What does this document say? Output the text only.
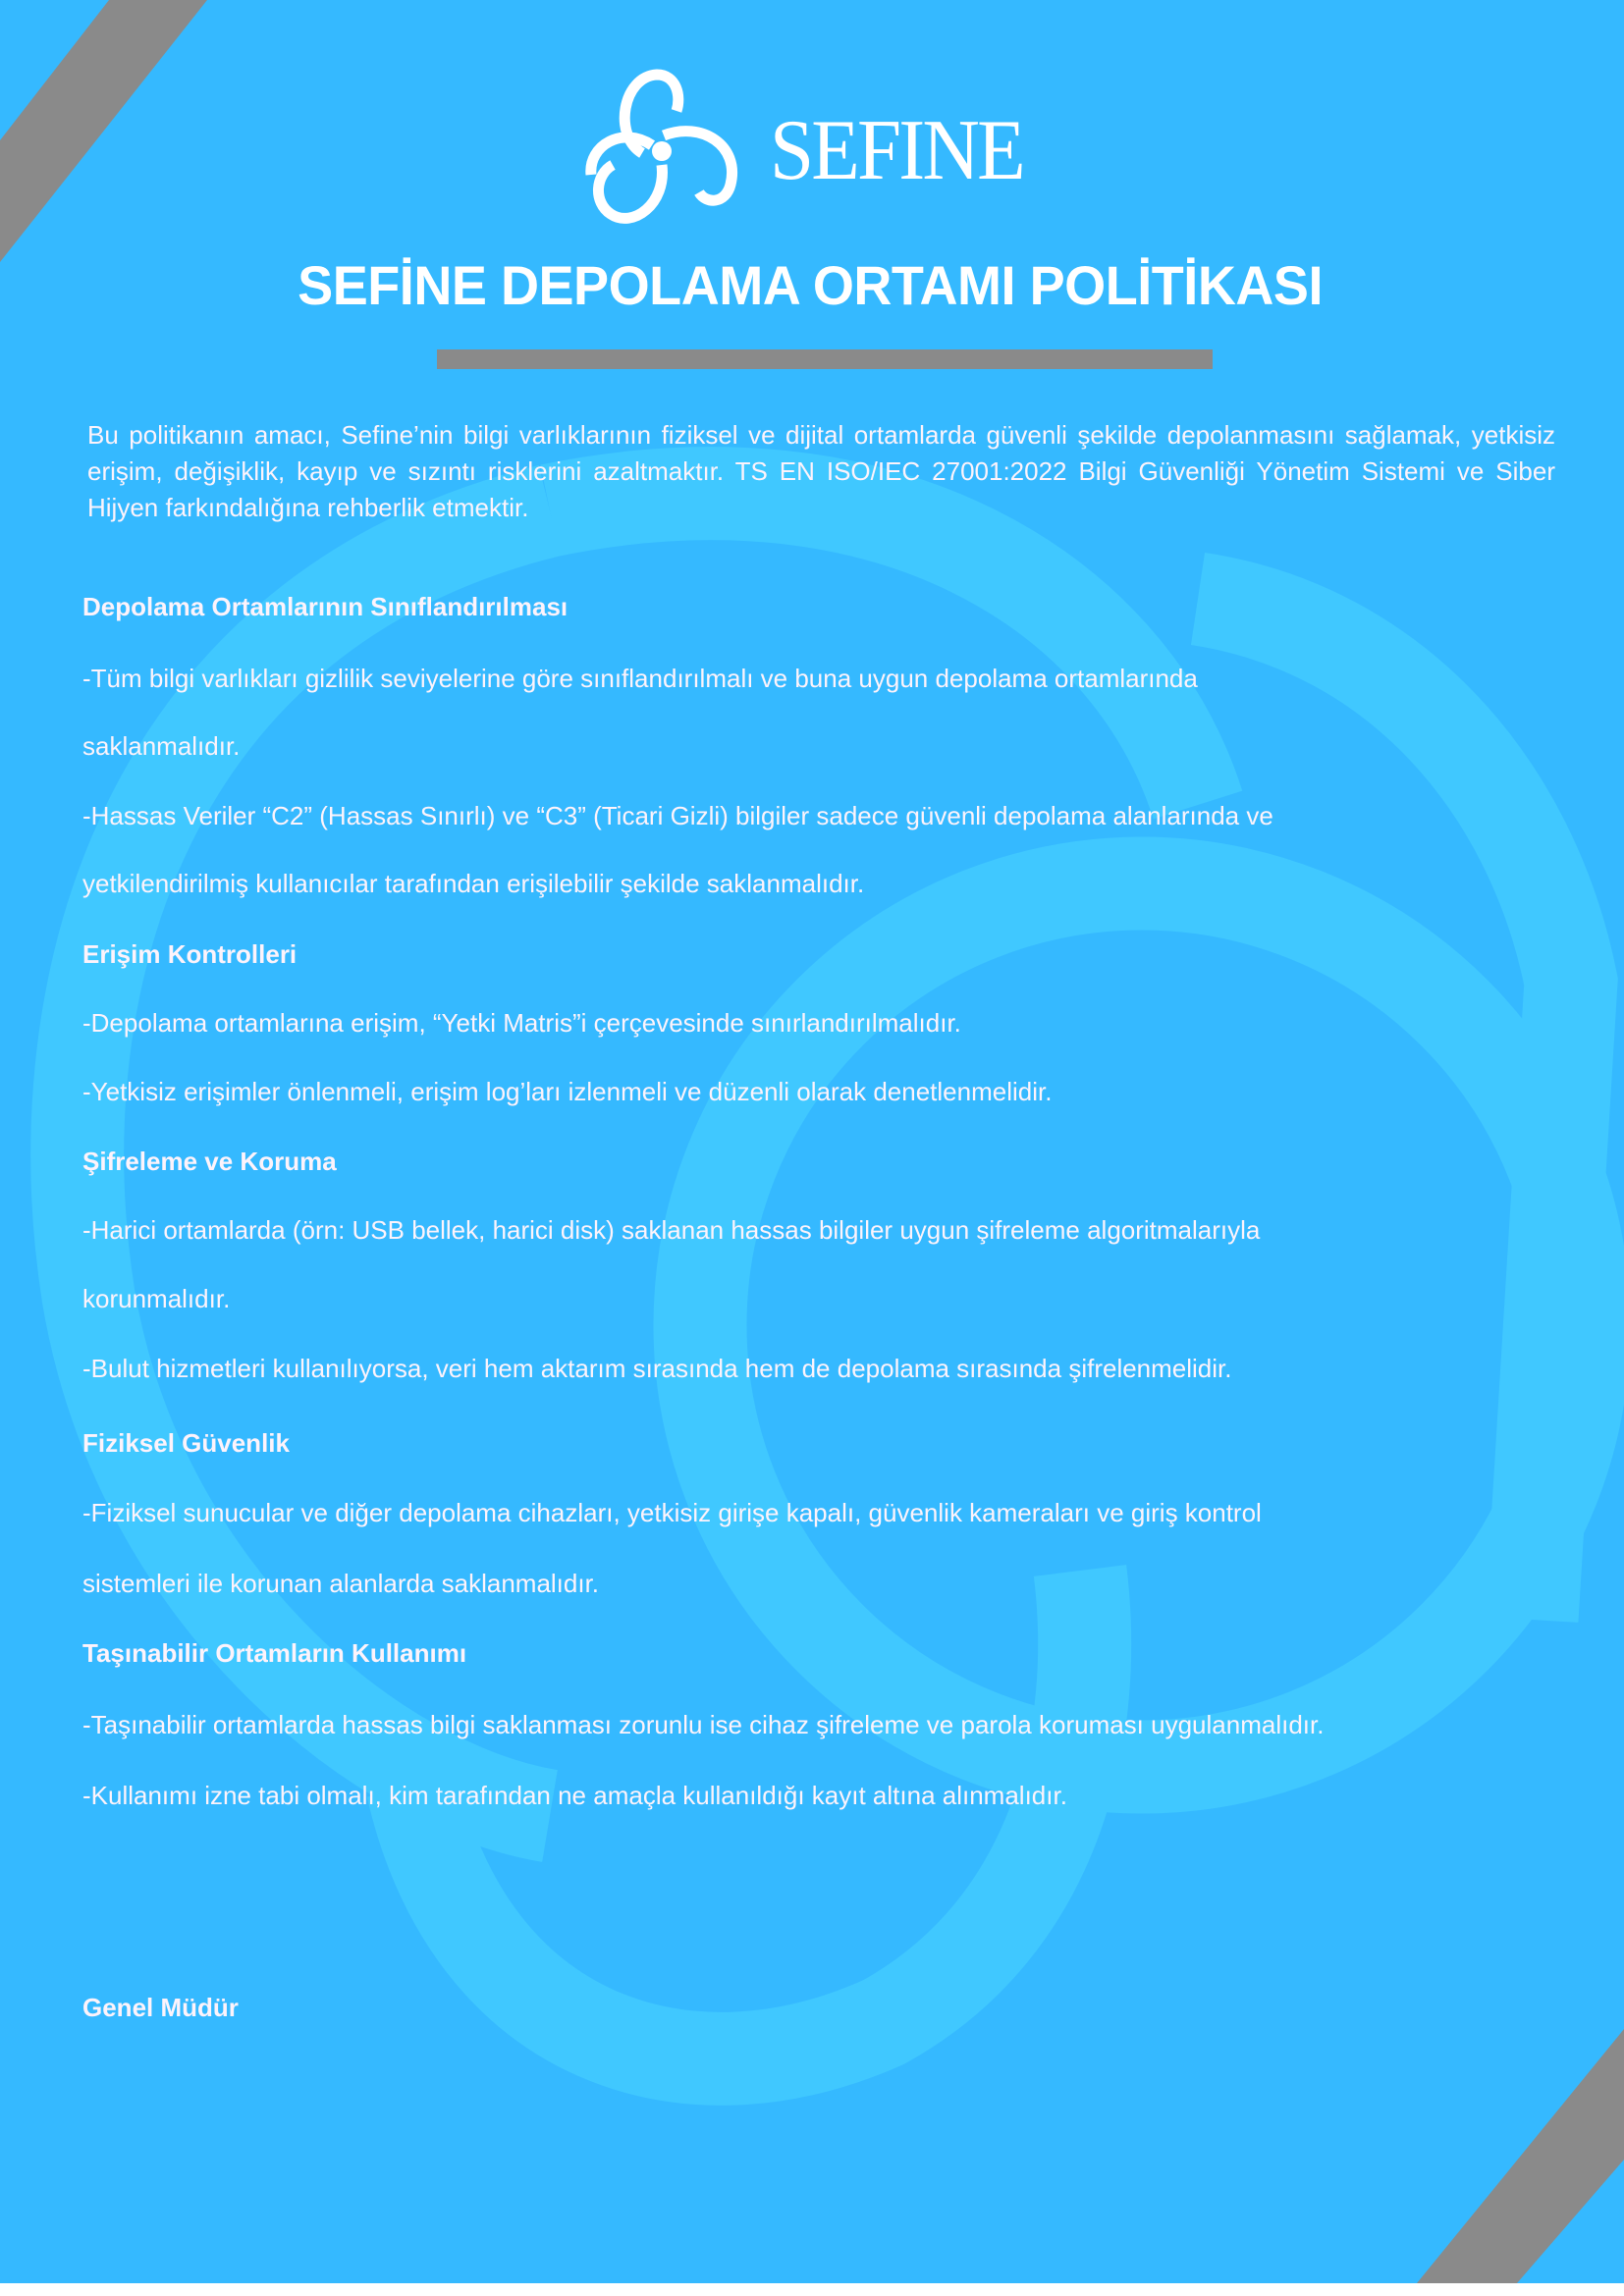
SEFINE
SEFİNE DEPOLAMA ORTAMI POLİTİKASI
Bu politikanın amacı, Sefine’nin bilgi varlıklarının fiziksel ve dijital ortamlarda güvenli şekilde depolanmasını sağlamak, yetkisiz erişim, değişiklik, kayıp ve sızıntı risklerini azaltmaktır. TS EN ISO/IEC 27001:2022 Bilgi Güvenliği Yönetim Sistemi ve Siber Hijyen farkındalığına rehberlik etmektir.
Depolama Ortamlarının Sınıflandırılması
-Tüm bilgi varlıkları gizlilik seviyelerine göre sınıflandırılmalı ve buna uygun depolama ortamlarında
saklanmalıdır.
-Hassas Veriler “C2” (Hassas Sınırlı) ve “C3” (Ticari Gizli) bilgiler sadece güvenli depolama alanlarında ve
yetkilendirilmiş kullanıcılar tarafından erişilebilir şekilde saklanmalıdır.
Erişim Kontrolleri
-Depolama ortamlarına erişim, “Yetki Matris”i çerçevesinde sınırlandırılmalıdır.
-Yetkisiz erişimler önlenmeli, erişim log’ları izlenmeli ve düzenli olarak denetlenmelidir.
Şifreleme ve Koruma
-Harici ortamlarda (örn: USB bellek, harici disk) saklanan hassas bilgiler uygun şifreleme algoritmalarıyla
korunmalıdır.
-Bulut hizmetleri kullanılıyorsa, veri hem aktarım sırasında hem de depolama sırasında şifrelenmelidir.
Fiziksel Güvenlik
-Fiziksel sunucular ve diğer depolama cihazları, yetkisiz girişe kapalı, güvenlik kameraları ve giriş kontrol
sistemleri ile korunan alanlarda saklanmalıdır.
Taşınabilir Ortamların Kullanımı
-Taşınabilir ortamlarda hassas bilgi saklanması zorunlu ise cihaz şifreleme ve parola koruması uygulanmalıdır.
-Kullanımı izne tabi olmalı, kim tarafından ne amaçla kullanıldığı kayıt altına alınmalıdır.
Genel Müdür
